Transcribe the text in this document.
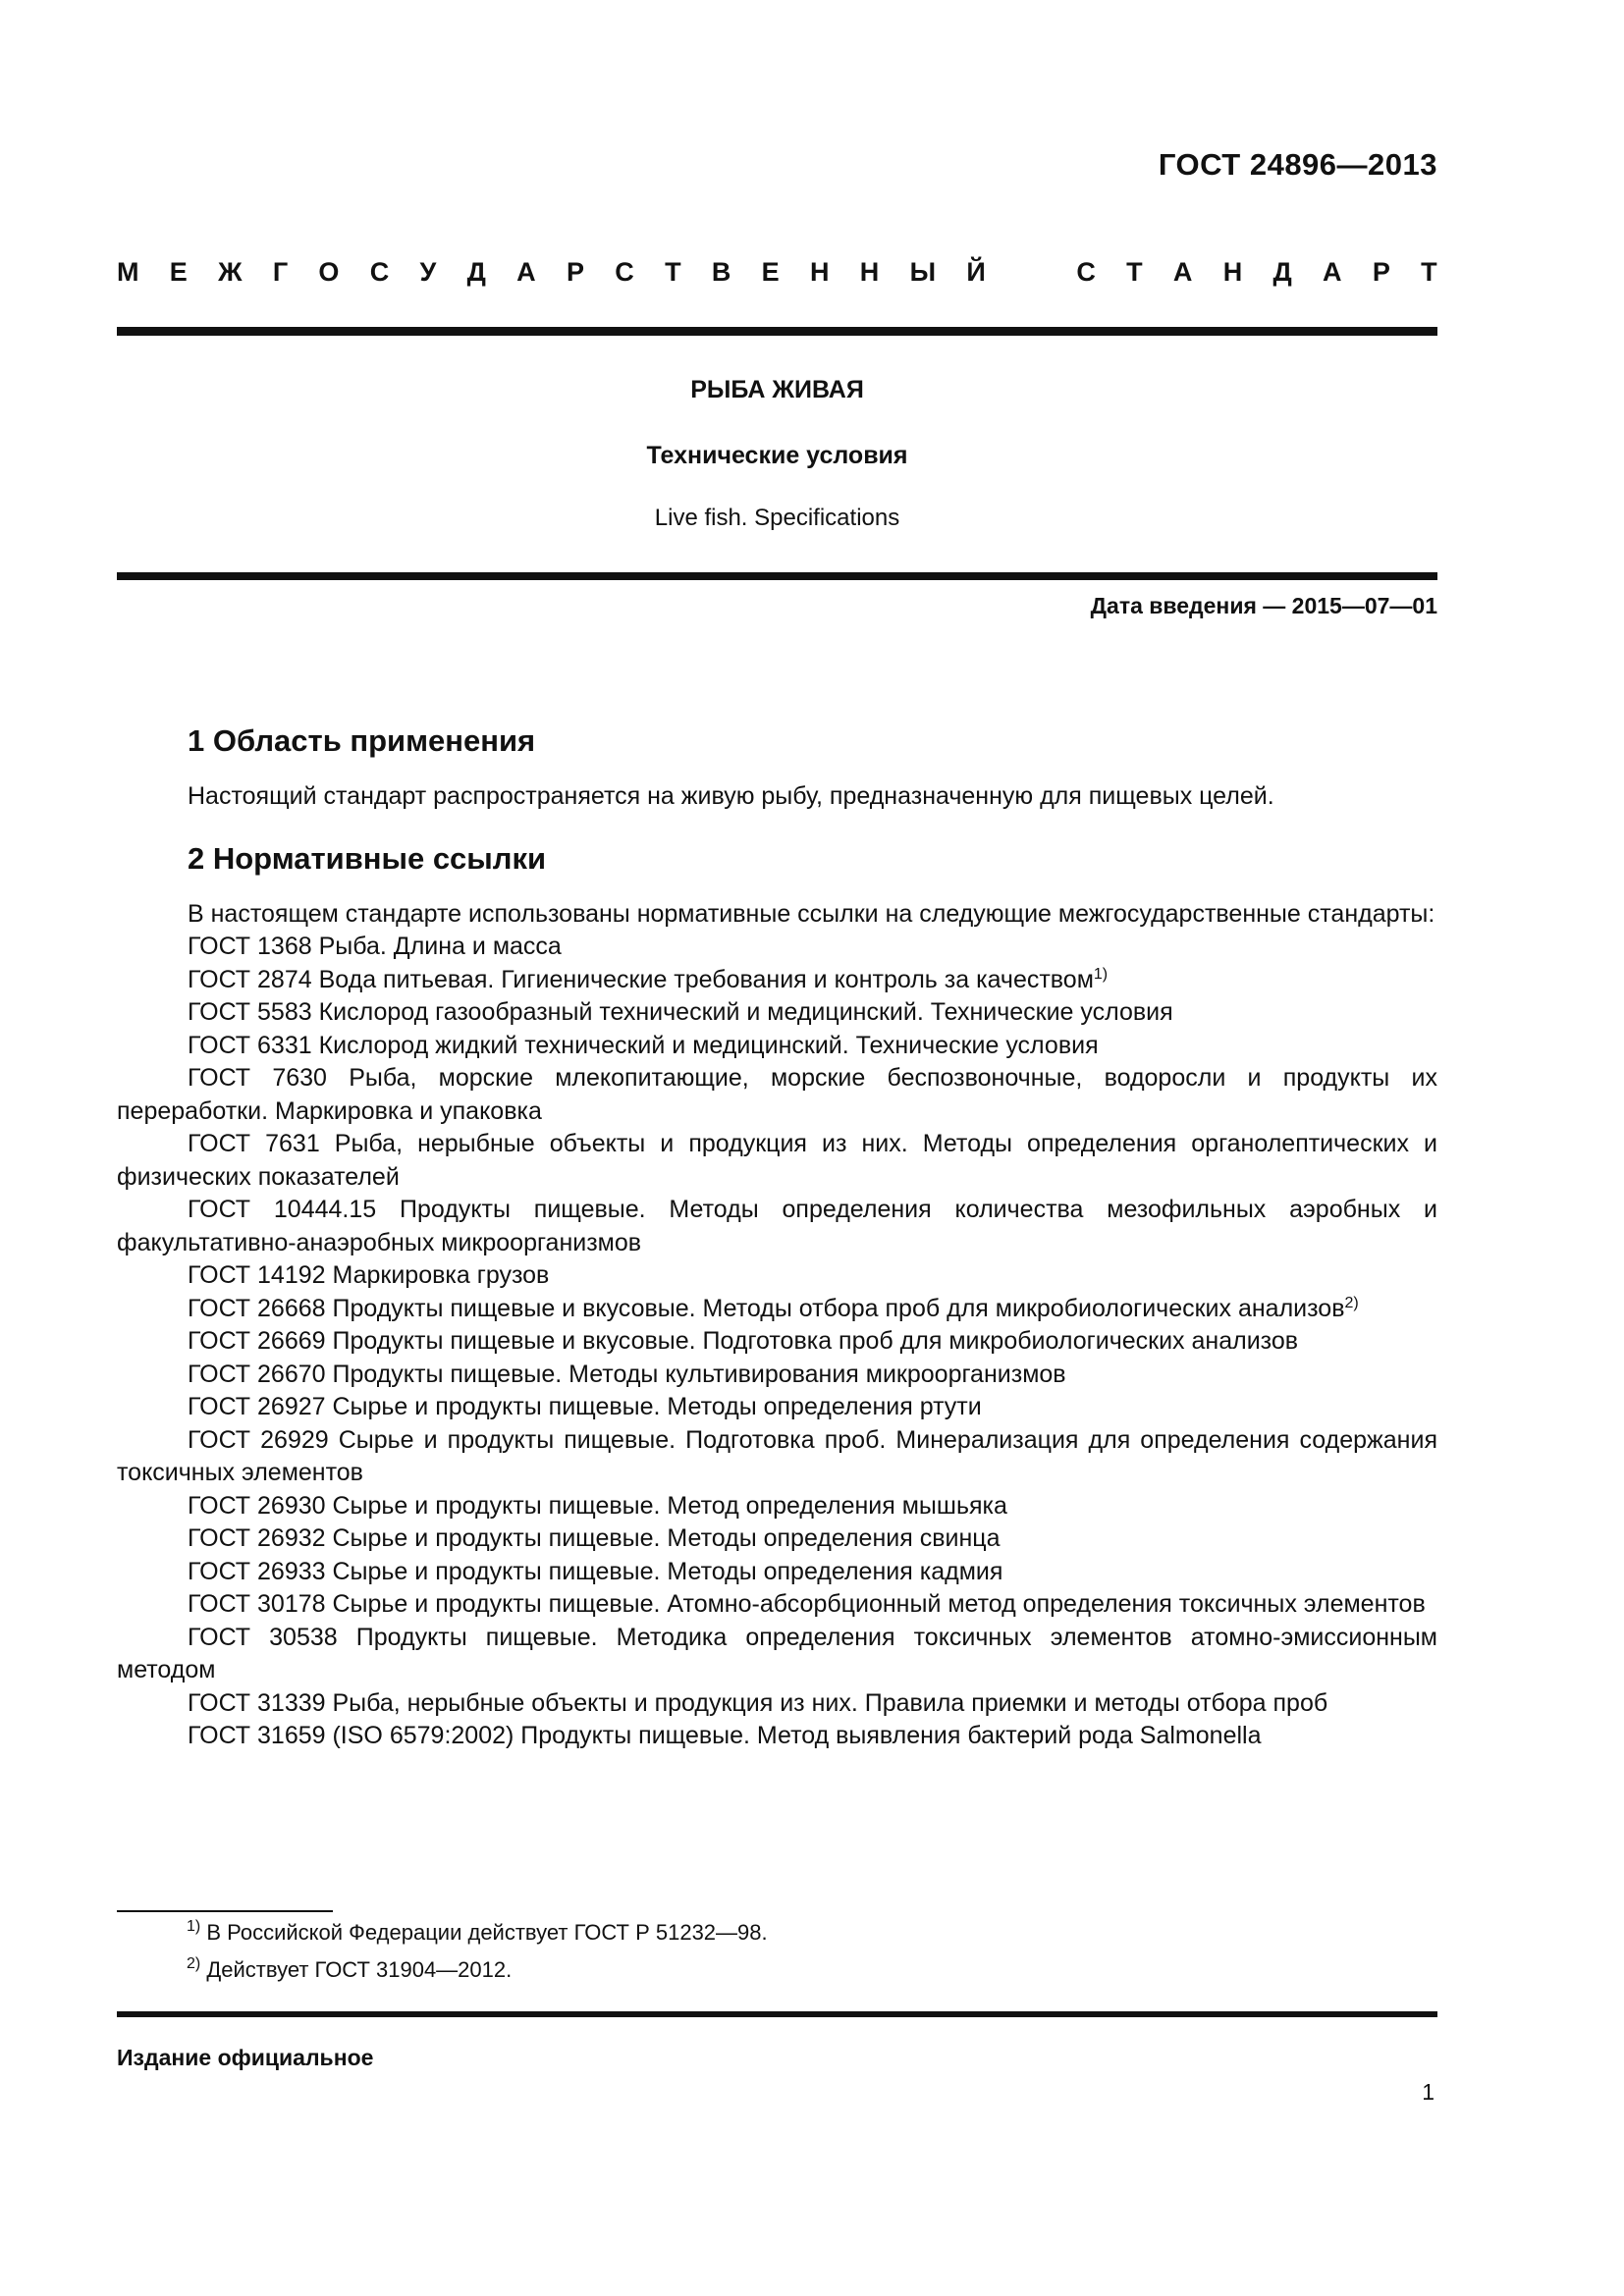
ГОСТ 24896—2013
М Е Ж Г О С У Д А Р С Т В Е Н Н Ы Й	С Т А Н Д А Р Т
РЫБА ЖИВАЯ
Технические условия
Live fish. Specifications
Дата введения — 2015—07—01
1 Область применения

Настоящий стандарт распространяется на живую рыбу, предназначенную для пищевых целей.

2 Нормативные ссылки

В настоящем стандарте использованы нормативные ссылки на следующие межгосударственные стандарты:

ГОСТ 1368 Рыба. Длина и масса

ГОСТ 2874 Вода питьевая. Гигиенические требования и контроль за качеством$^{1)}$

ГОСТ 5583 Кислород газообразный технический и медицинский. Технические условия

ГОСТ 6331 Кислород жидкий технический и медицинский. Технические условия

ГОСТ 7630 Рыба, морские млекопитающие, морские беспозвоночные, водоросли и продукты их переработки. Маркировка и упаковка

ГОСТ 7631 Рыба, нерыбные объекты и продукция из них. Методы определения органолептических и физических показателей

ГОСТ 10444.15 Продукты пищевые. Методы определения количества мезофильных аэробных и факультативно-анаэробных микроорганизмов

ГОСТ 14192 Маркировка грузов

ГОСТ 26668 Продукты пищевые и вкусовые. Методы отбора проб для микробиологических анализов$^{2)}$

ГОСТ 26669 Продукты пищевые и вкусовые. Подготовка проб для микробиологических анализов

ГОСТ 26670 Продукты пищевые. Методы культивирования микроорганизмов

ГОСТ 26927 Сырье и продукты пищевые. Методы определения ртути

ГОСТ 26929 Сырье и продукты пищевые. Подготовка проб. Минерализация для определения содержания токсичных элементов

ГОСТ 26930 Сырье и продукты пищевые. Метод определения мышьяка

ГОСТ 26932 Сырье и продукты пищевые. Методы определения свинца

ГОСТ 26933 Сырье и продукты пищевые. Методы определения кадмия

ГОСТ 30178 Сырье и продукты пищевые. Атомно-абсорбционный метод определения токсичных элементов

ГОСТ 30538 Продукты пищевые. Методика определения токсичных элементов атомно-эмиссионным методом

ГОСТ 31339 Рыба, нерыбные объекты и продукция из них. Правила приемки и методы отбора проб

ГОСТ 31659 (ISO 6579:2002) Продукты пищевые. Метод выявления бактерий рода Salmonella

$^{1)}$ В Российской Федерации действует ГОСТ Р 51232—98.
$^{2)}$ Действует ГОСТ 31904—2012.
Издание официальное
1
